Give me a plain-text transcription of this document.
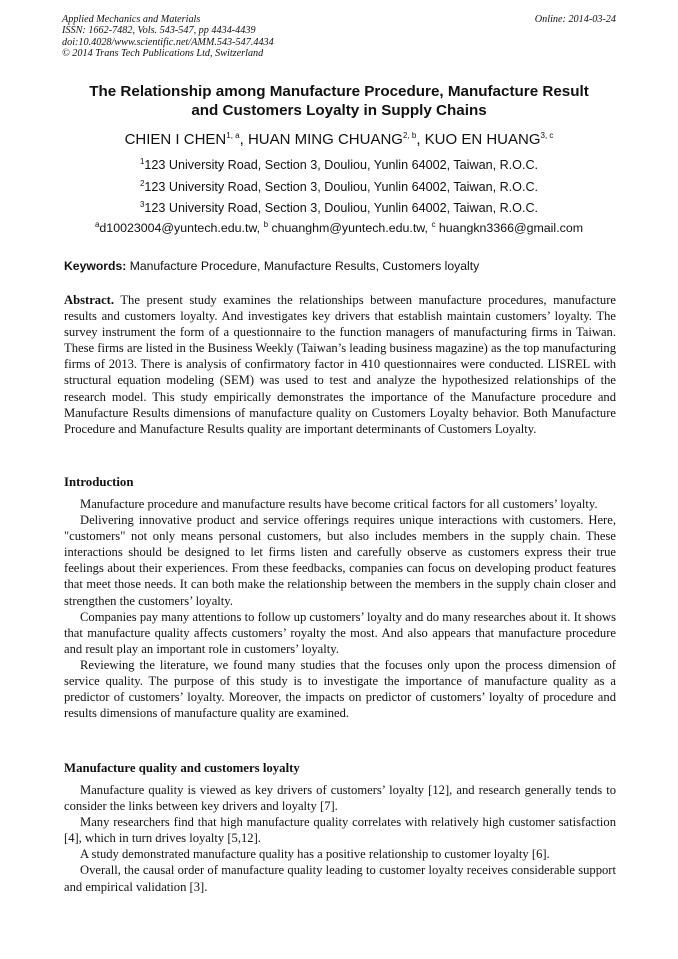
Applied Mechanics and Materials
ISSN: 1662-7482, Vols. 543-547, pp 4434-4439
doi:10.4028/www.scientific.net/AMM.543-547.4434
© 2014 Trans Tech Publications Ltd, Switzerland
Online: 2014-03-24
The Relationship among Manufacture Procedure, Manufacture Result
and Customers Loyalty in Supply Chains
CHIEN I CHEN$^{1, a}$, HUAN MING CHUANG$^{2, b}$, KUO EN HUANG$^{3, c}$
$^1$123 University Road, Section 3, Douliou, Yunlin 64002, Taiwan, R.O.C.
$^2$123 University Road, Section 3, Douliou, Yunlin 64002, Taiwan, R.O.C.
$^3$123 University Road, Section 3, Douliou, Yunlin 64002, Taiwan, R.O.C.
$^a$d10023004@yuntech.edu.tw, $^b$ chuanghm@yuntech.edu.tw, $^c$ huangkn3366@gmail.com
Keywords: Manufacture Procedure, Manufacture Results, Customers loyalty
Abstract. The present study examines the relationships between manufacture procedures, manufacture results and customers loyalty. And investigates key drivers that establish maintain customers’ loyalty. The survey instrument the form of a questionnaire to the function managers of manufacturing firms in Taiwan. These firms are listed in the Business Weekly (Taiwan’s leading business magazine) as the top manufacturing firms of 2013. There is analysis of confirmatory factor in 410 questionnaires were conducted. LISREL with structural equation modeling (SEM) was used to test and analyze the hypothesized relationships of the research model. This study empirically demonstrates the importance of the Manufacture procedure and Manufacture Results dimensions of manufacture quality on Customers Loyalty behavior. Both Manufacture Procedure and Manufacture Results quality are important determinants of Customers Loyalty.
Introduction

Manufacture procedure and manufacture results have become critical factors for all customers’ loyalty.

Delivering innovative product and service offerings requires unique interactions with customers. Here, "customers" not only means personal customers, but also includes members in the supply chain. These interactions should be designed to let firms listen and carefully observe as customers express their true feelings about their experiences. From these feedbacks, companies can focus on developing product features that meet those needs. It can both make the relationship between the members in the supply chain closer and strengthen the customers’ loyalty.

Companies pay many attentions to follow up customers’ loyalty and do many researches about it. It shows that manufacture quality affects customers’ royalty the most. And also appears that manufacture procedure and result play an important role in customers’ loyalty.

Reviewing the literature, we found many studies that the focuses only upon the process dimension of service quality. The purpose of this study is to investigate the importance of manufacture quality as a predictor of customers’ loyalty. Moreover, the impacts on predictor of customers’ loyalty of procedure and results dimensions of manufacture quality are examined.

Manufacture quality and customers loyalty

Manufacture quality is viewed as key drivers of customers’ loyalty [12], and research generally tends to consider the links between key drivers and loyalty [7].

Many researchers find that high manufacture quality correlates with relatively high customer satisfaction [4], which in turn drives loyalty [5,12].

A study demonstrated manufacture quality has a positive relationship to customer loyalty [6].

Overall, the causal order of manufacture quality leading to customer loyalty receives considerable support and empirical validation [3].
